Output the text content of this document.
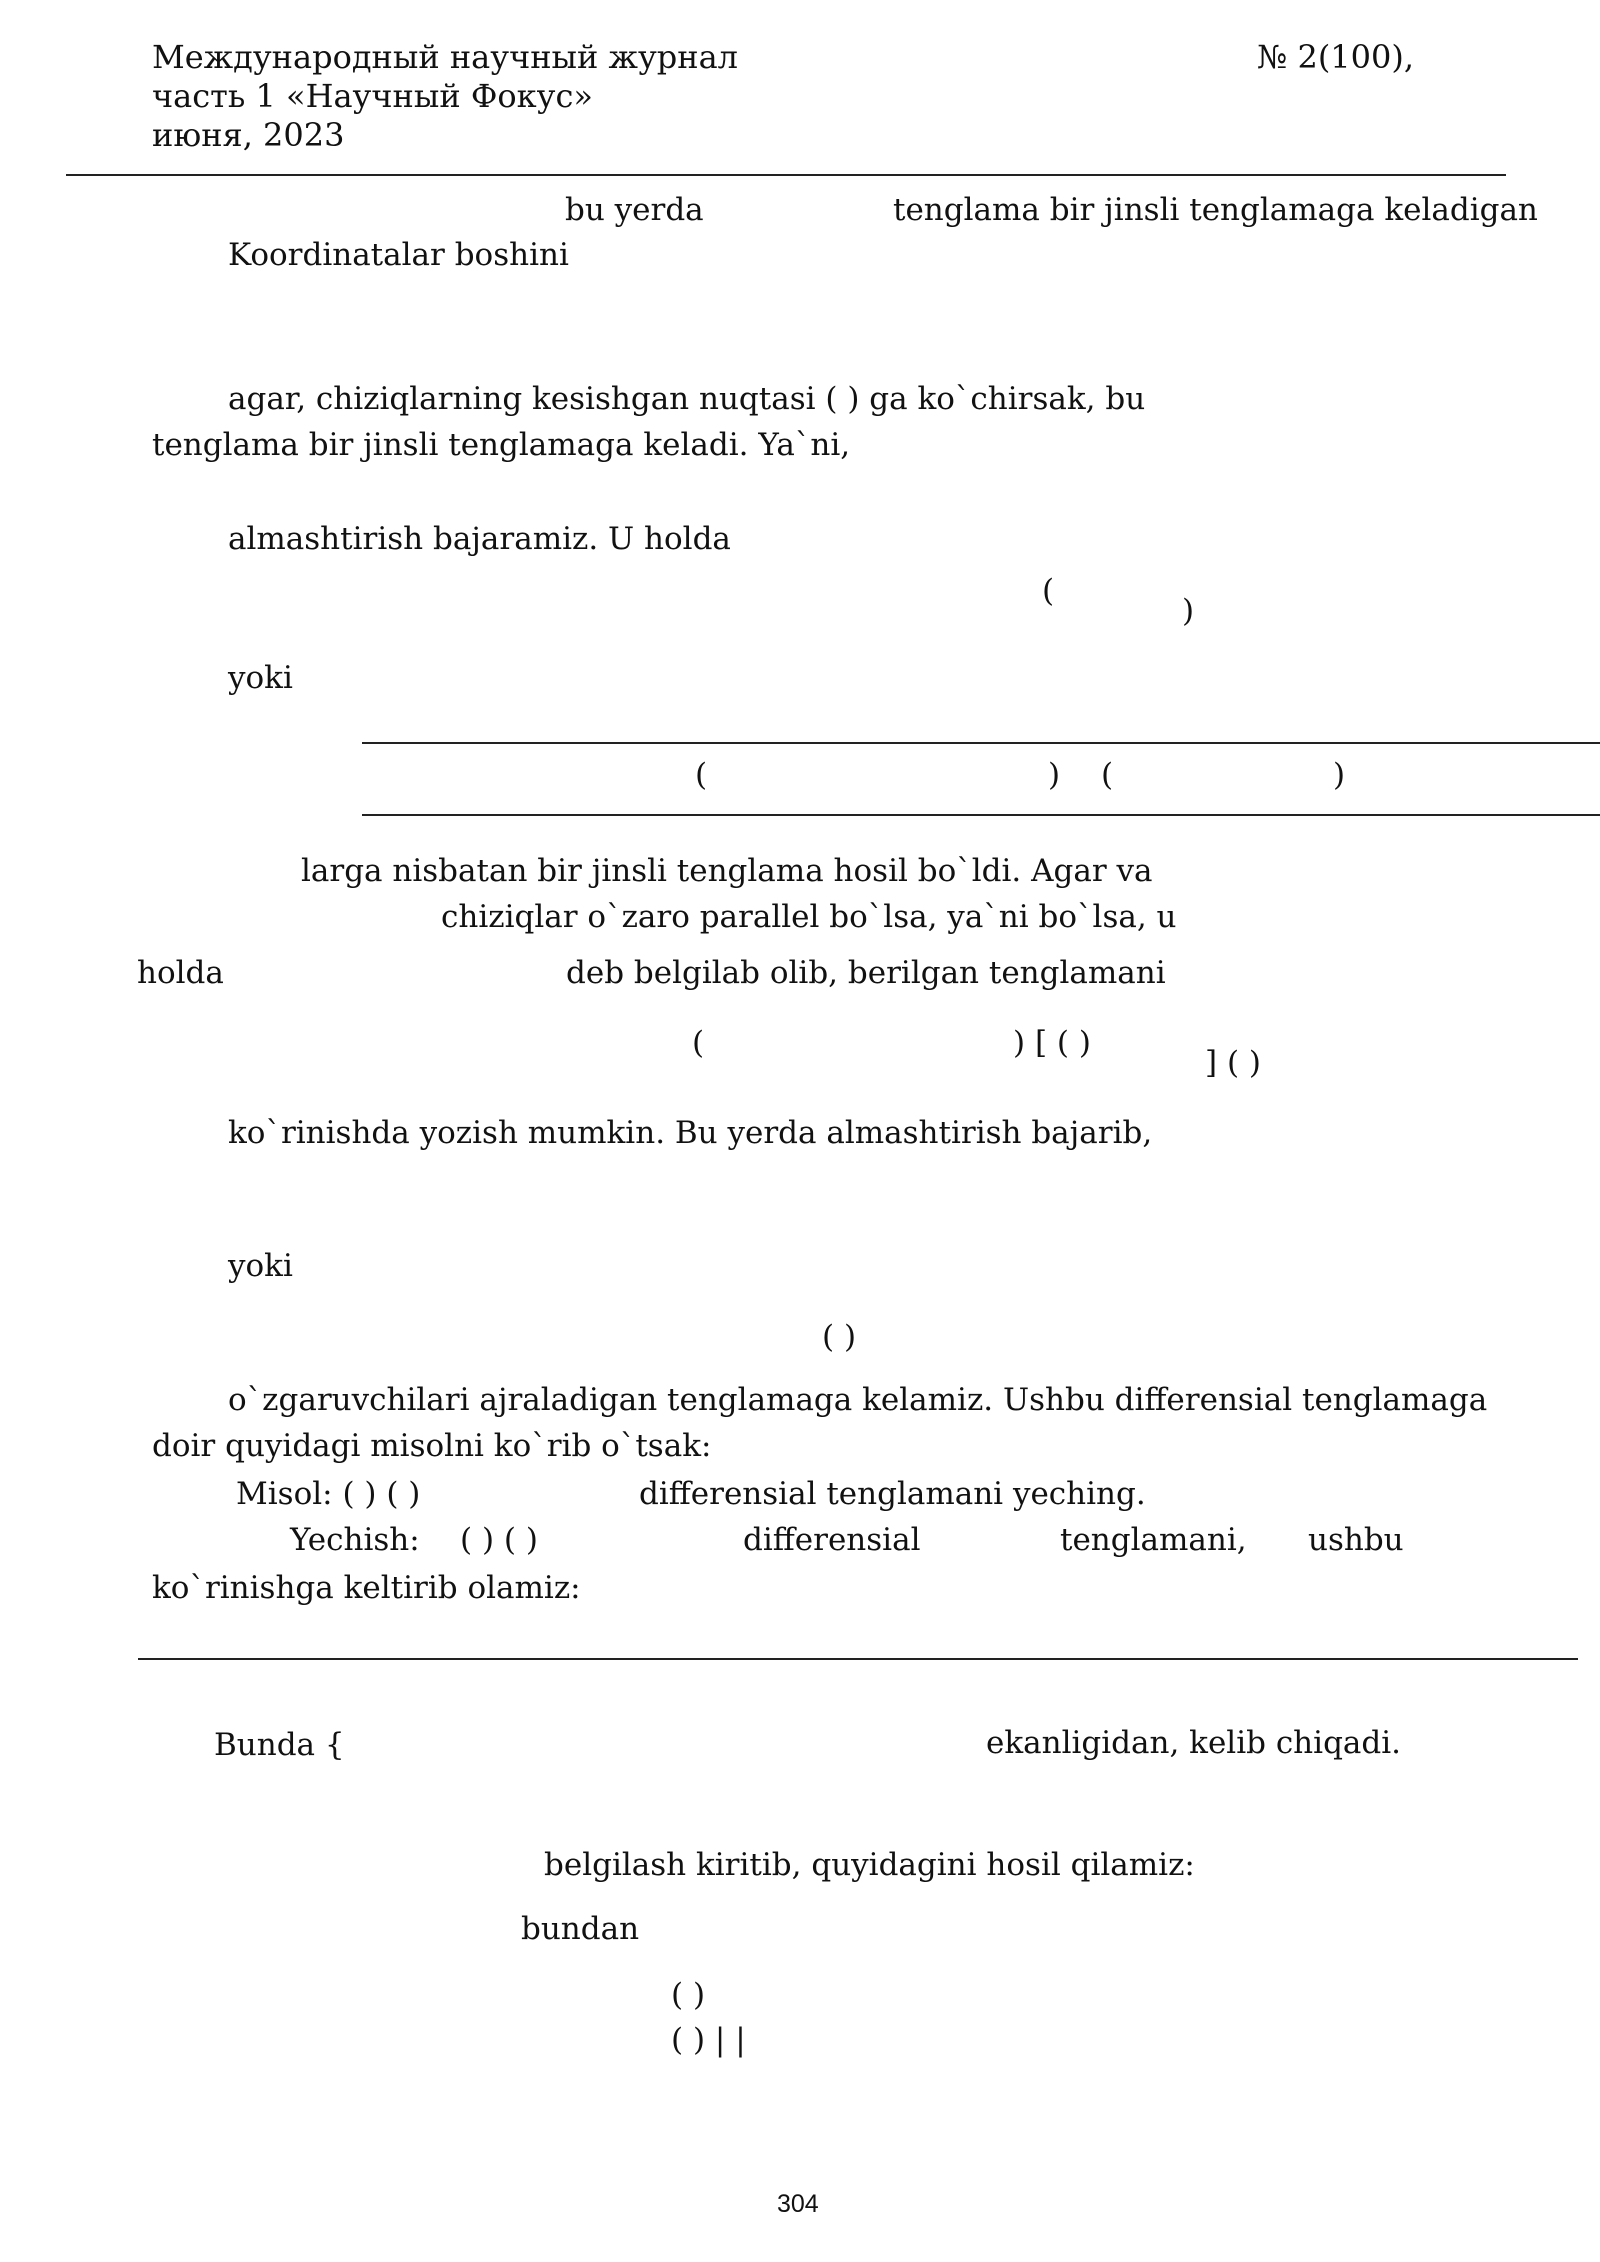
Международный научный журнал
часть 1 «Научный Фокус»
июня, 2023
№ 2(100),
bu yerda	tenglama bir jinsli tenglamaga keladigan
Koordinatalar boshini
agar, chiziqlarning kesishgan nuqtasi ( ) ga ko`chirsak, bu
tenglama bir jinsli tenglamaga keladi. Ya`ni,
almashtirish bajaramiz. U holda
(
)
yoki
(	) (	)
larga nisbatan bir jinsli tenglama hosil bo`ldi. Agar va
chiziqlar o`zaro parallel bo`lsa, ya`ni bo`lsa, u
holda	deb belgilab olib, berilgan tenglamani
(	) [ ( )
] ( )
ko`rinishda yozish mumkin. Bu yerda almashtirish bajarib,
yoki
( )
o`zgaruvchilari ajraladigan tenglamaga kelamiz. Ushbu differensial tenglamaga
doir quyidagi misolni ko`rib o`tsak:
Misol: ( ) ( )	differensial tenglamani yeching.
Yechish: ( ) ( )	differensial	tenglamani, ushbu
ko`rinishga keltirib olamiz:
Bunda {	ekanligidan, kelib chiqadi.
belgilash kiritib, quyidagini hosil qilamiz:
bundan
( )
( ) | |
304
